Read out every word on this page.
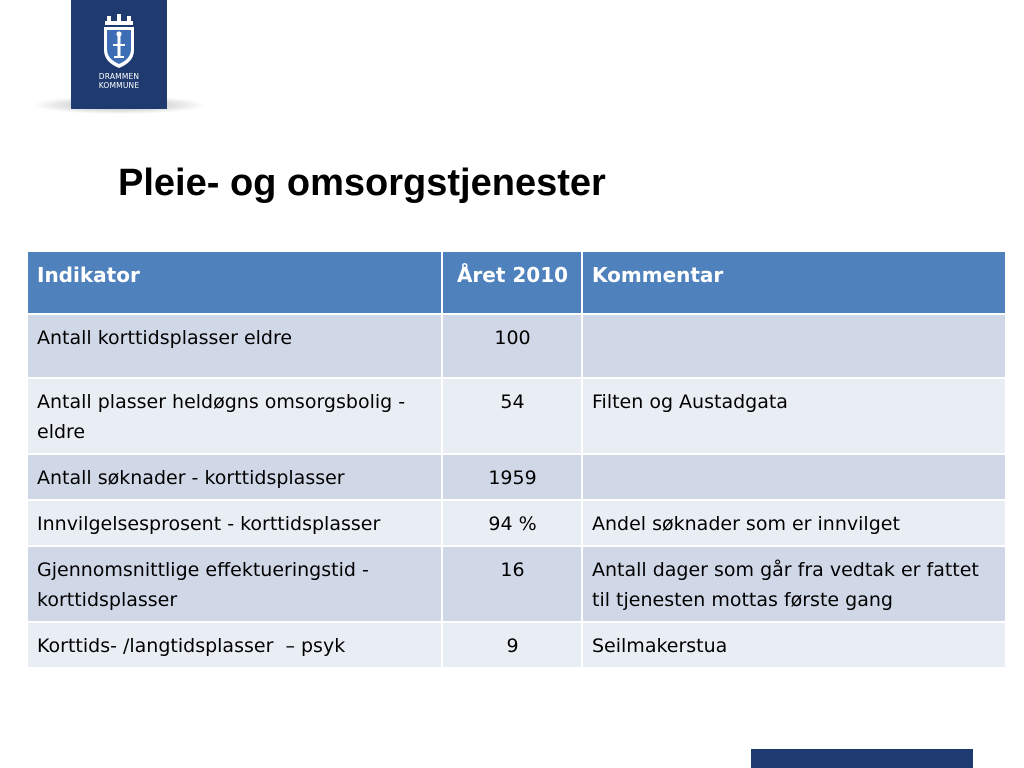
DRAMMEN
KOMMUNE
Pleie- og omsorgstjenester
Indikator	Året 2010	Kommentar
Antall korttidsplasser eldre	100	
Antall plasser heldøgns omsorgsbolig - eldre	54	Filten og Austadgata
Antall søknader - korttidsplasser	1959	
Innvilgelsesprosent - korttidsplasser	94 %	Andel søknader som er innvilget
Gjennomsnittlige effektueringstid - korttidsplasser	16	Antall dager som går fra vedtak er fattet til tjenesten mottas første gang
Korttids- /langtidsplasser  – psyk	9	Seilmakerstua
